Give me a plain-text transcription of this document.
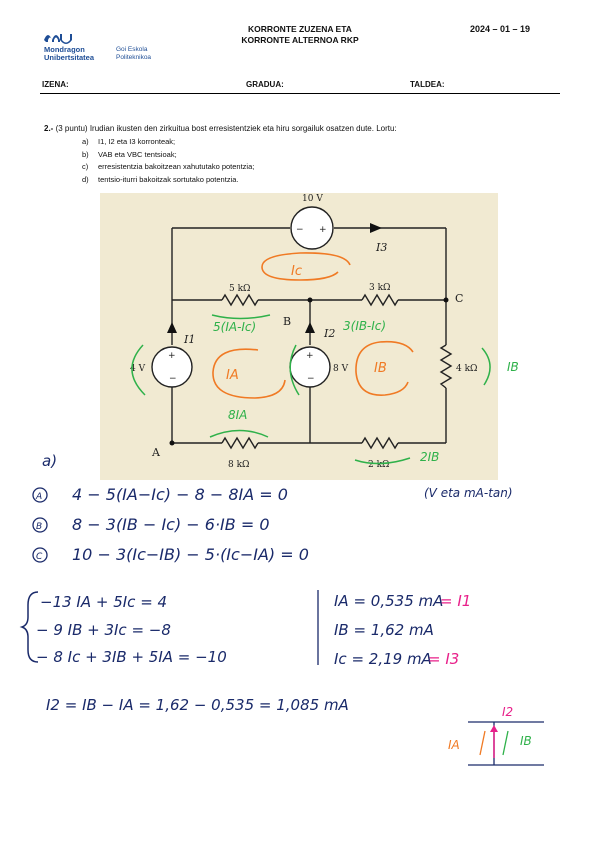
Mondragon
Unibertsitatea
Goi Eskola
Politeknikoa
KORRONTE ZUZENA ETA
KORRONTE ALTERNOA RKP
2024 – 01 – 19
IZENA:	GRADUA:	TALDEA:
2.- (3 puntu) Irudian ikusten den zirkuitua bost erresistentziek eta hiru sorgailuk osatzen dute. Lortu:
a) I1, I2 eta I3 korronteak;
b) VAB eta VBC tentsioak;
c) erresistentzia bakoitzean xahututako potentzia;
d) tentsio-iturri bakoitzak sortutako potentzia.
− +
+
−
+
−
10 V
4 V	8 V
5 kΩ	3 kΩ
4 kΩ
8 kΩ	2 kΩ
A
B
C
I1	I2
I3
Ic
IA	IB
5(IA-Ic)	3(IB-Ic)
8IA
2IB
IB
a)
A 4 − 5(IA−Ic) − 8 − 8IA = 0	(V eta mA-tan)
B 8 − 3(IB − Ic) − 6·IB = 0
C 10 − 3(Ic−IB) − 5·(Ic−IA) = 0
−13 IA + 5Ic = 4
− 9 IB + 3Ic = −8
− 8 Ic + 3IB + 5IA = −10
IA = 0,535 mA
= I1
IB = 1,62 mA
Ic = 2,19 mA
= I3
I2 = IB − IA = 1,62 − 0,535 = 1,085 mA	I2
IA	IB
